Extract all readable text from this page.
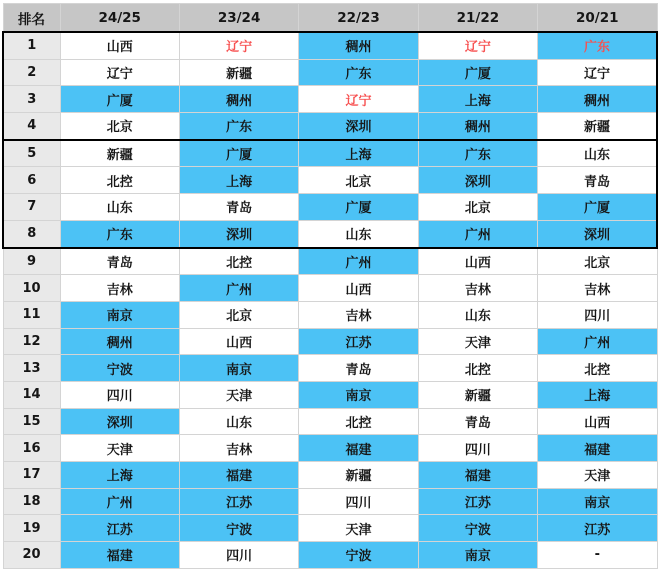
排名	24/25	23/24	22/23	21/22	20/21
1	山西	辽宁	稠州	辽宁	广东
2	辽宁	新疆	广东	广厦	辽宁
3	广厦	稠州	辽宁	上海	稠州
4	北京	广东	深圳	稠州	新疆
5	新疆	广厦	上海	广东	山东
6	北控	上海	北京	深圳	青岛
7	山东	青岛	广厦	北京	广厦
8	广东	深圳	山东	广州	深圳
9	青岛	北控	广州	山西	北京
10	吉林	广州	山西	吉林	吉林
11	南京	北京	吉林	山东	四川
12	稠州	山西	江苏	天津	广州
13	宁波	南京	青岛	北控	北控
14	四川	天津	南京	新疆	上海
15	深圳	山东	北控	青岛	山西
16	天津	吉林	福建	四川	福建
17	上海	福建	新疆	福建	天津
18	广州	江苏	四川	江苏	南京
19	江苏	宁波	天津	宁波	江苏
20	福建	四川	宁波	南京	-
